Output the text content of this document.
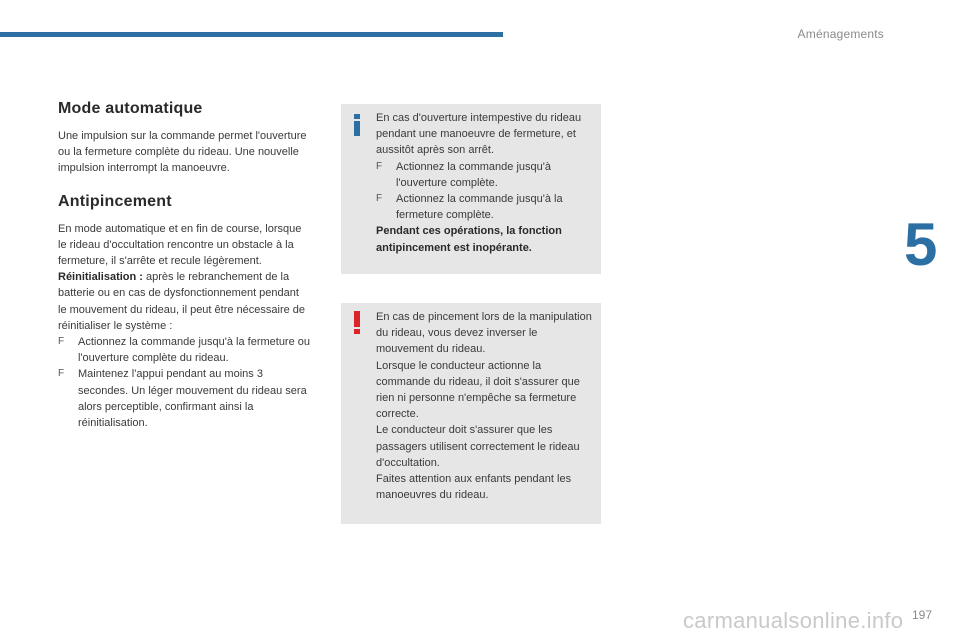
Aménagements
5
Mode automatique

Une impulsion sur la commande permet l'ouverture ou la fermeture complète du rideau. Une nouvelle impulsion interrompt la manoeuvre.

Antipincement

En mode automatique et en fin de course, lorsque le rideau d'occultation rencontre un obstacle à la fermeture, il s'arrête et recule légèrement.

Réinitialisation : après le rebranchement de la batterie ou en cas de dysfonctionnement pendant le mouvement du rideau, il peut être nécessaire de réinitialiser le système :

F Actionnez la commande jusqu'à la fermeture ou l'ouverture complète du rideau.
F Maintenez l'appui pendant au moins 3 secondes. Un léger mouvement du rideau sera alors perceptible, confirmant ainsi la réinitialisation.

En cas d'ouverture intempestive du rideau pendant une manoeuvre de fermeture, et aussitôt après son arrêt.

F Actionnez la commande jusqu'à l'ouverture complète.
F Actionnez la commande jusqu'à la fermeture complète.

Pendant ces opérations, la fonction antipincement est inopérante.

En cas de pincement lors de la manipulation du rideau, vous devez inverser le mouvement du rideau.

Lorsque le conducteur actionne la commande du rideau, il doit s'assurer que rien ni personne n'empêche sa fermeture correcte.

Le conducteur doit s'assurer que les passagers utilisent correctement le rideau d'occultation.

Faites attention aux enfants pendant les manoeuvres du rideau.

197
carmanualsonline.info
